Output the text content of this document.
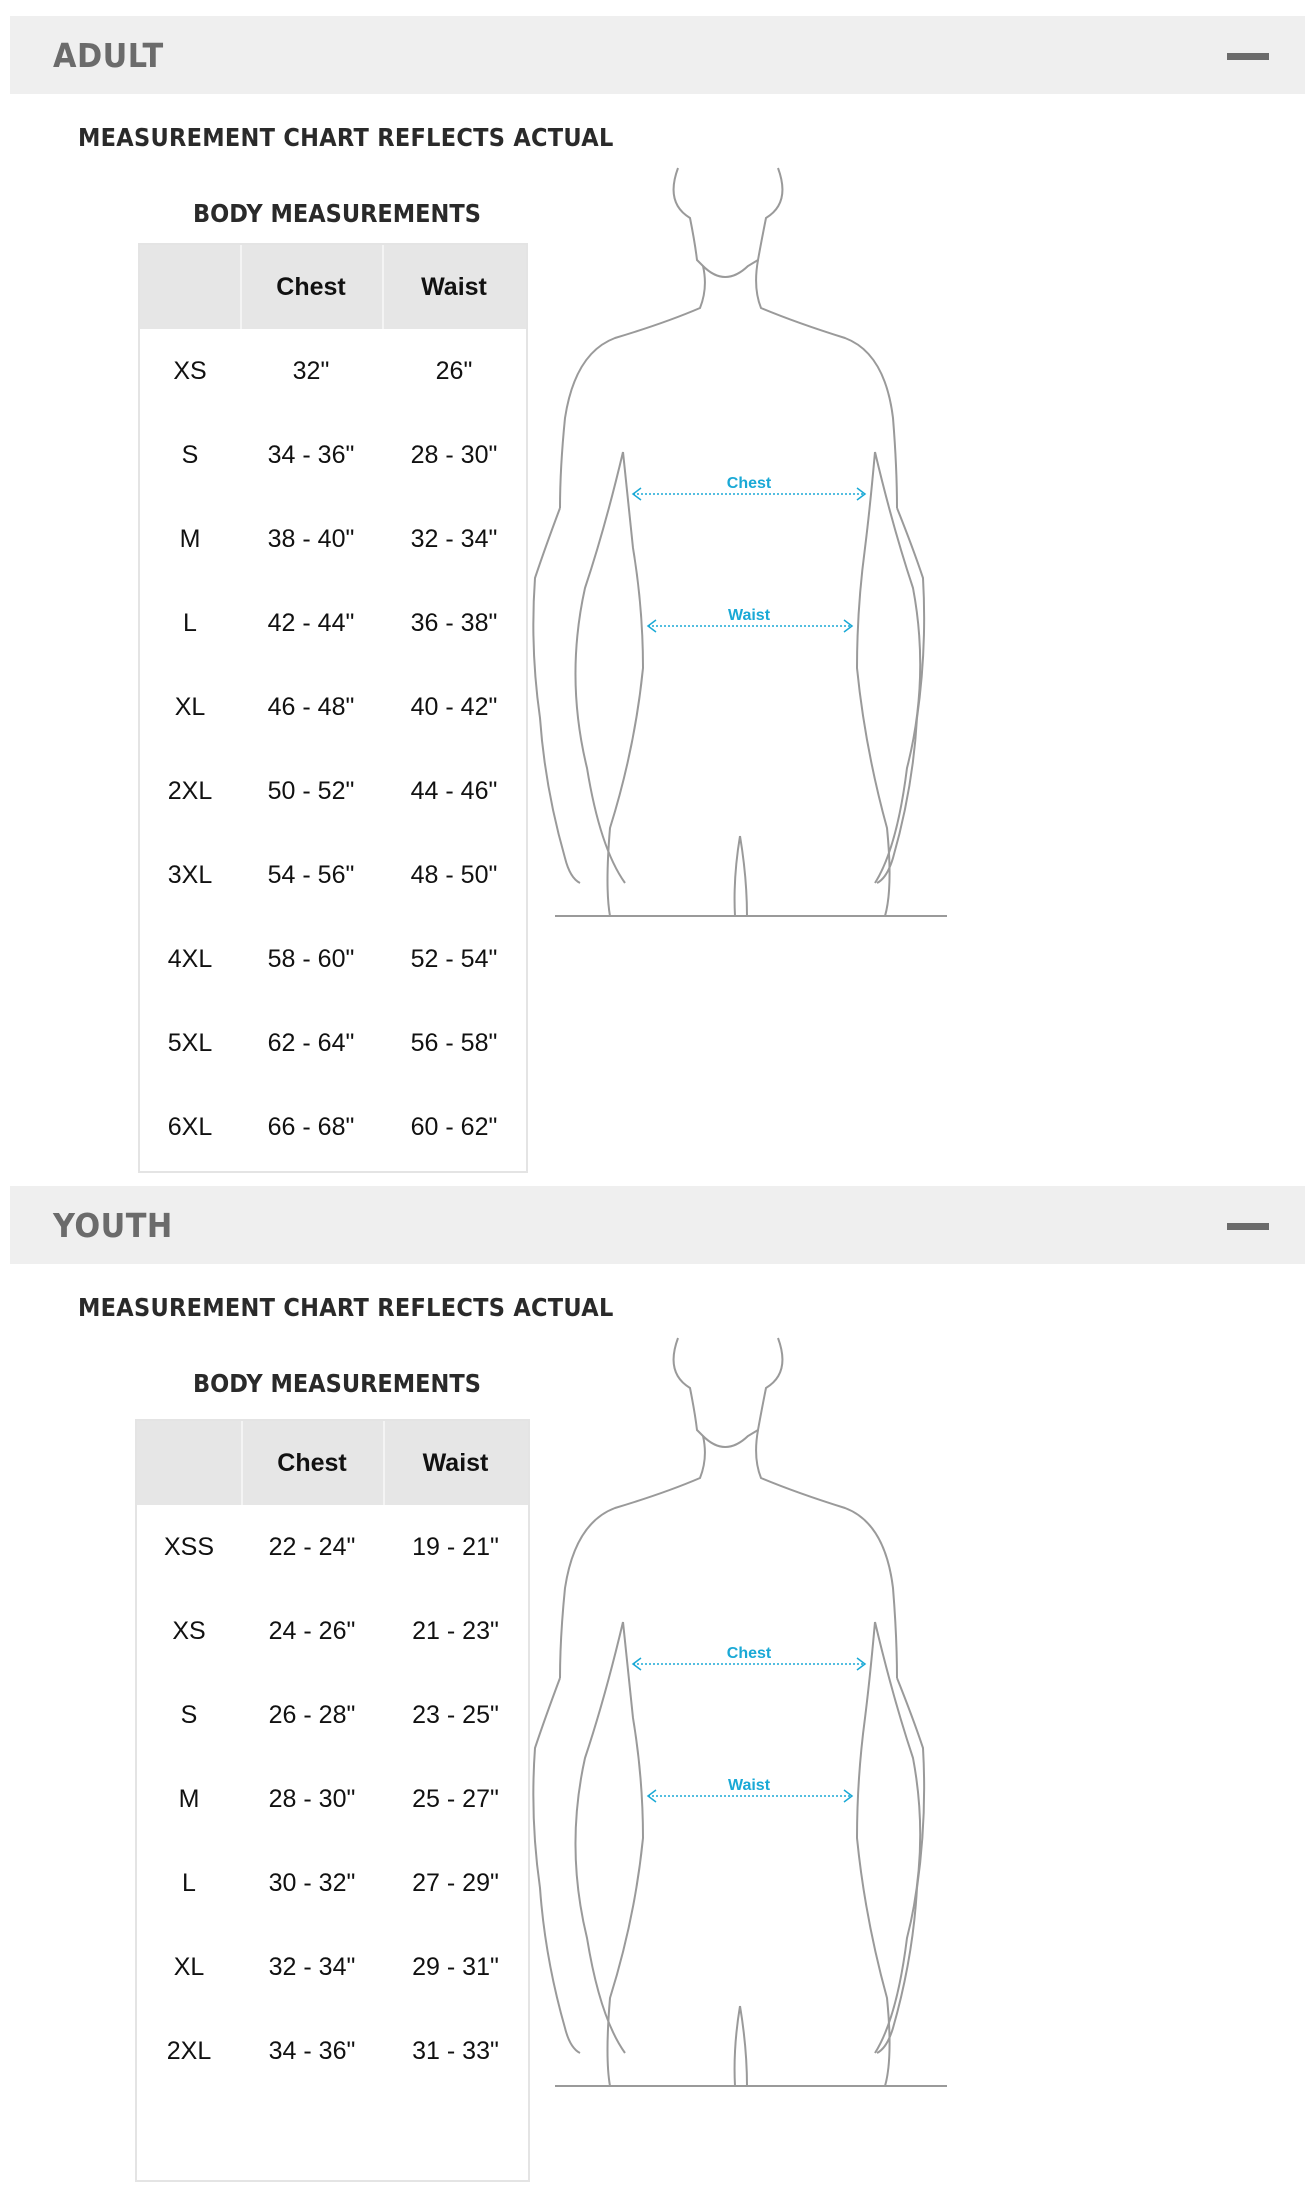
ADULT
MEASUREMENT CHART REFLECTS ACTUAL
BODY MEASUREMENTS
Chest	Waist
XS	32"	26"
S	34 - 36"	28 - 30"
M	38 - 40"	32 - 34"
L	42 - 44"	36 - 38"
XL	46 - 48"	40 - 42"
2XL	50 - 52"	44 - 46"
3XL	54 - 56"	48 - 50"
4XL	58 - 60"	52 - 54"
5XL	62 - 64"	56 - 58"
6XL	66 - 68"	60 - 62"
Chest
Waist
YOUTH
MEASUREMENT CHART REFLECTS ACTUAL
BODY MEASUREMENTS
Chest	Waist
XSS	22 - 24"	19 - 21"
XS	24 - 26"	21 - 23"
S	26 - 28"	23 - 25"
M	28 - 30"	25 - 27"
L	30 - 32"	27 - 29"
XL	32 - 34"	29 - 31"
2XL	34 - 36"	31 - 33"
Chest
Waist
